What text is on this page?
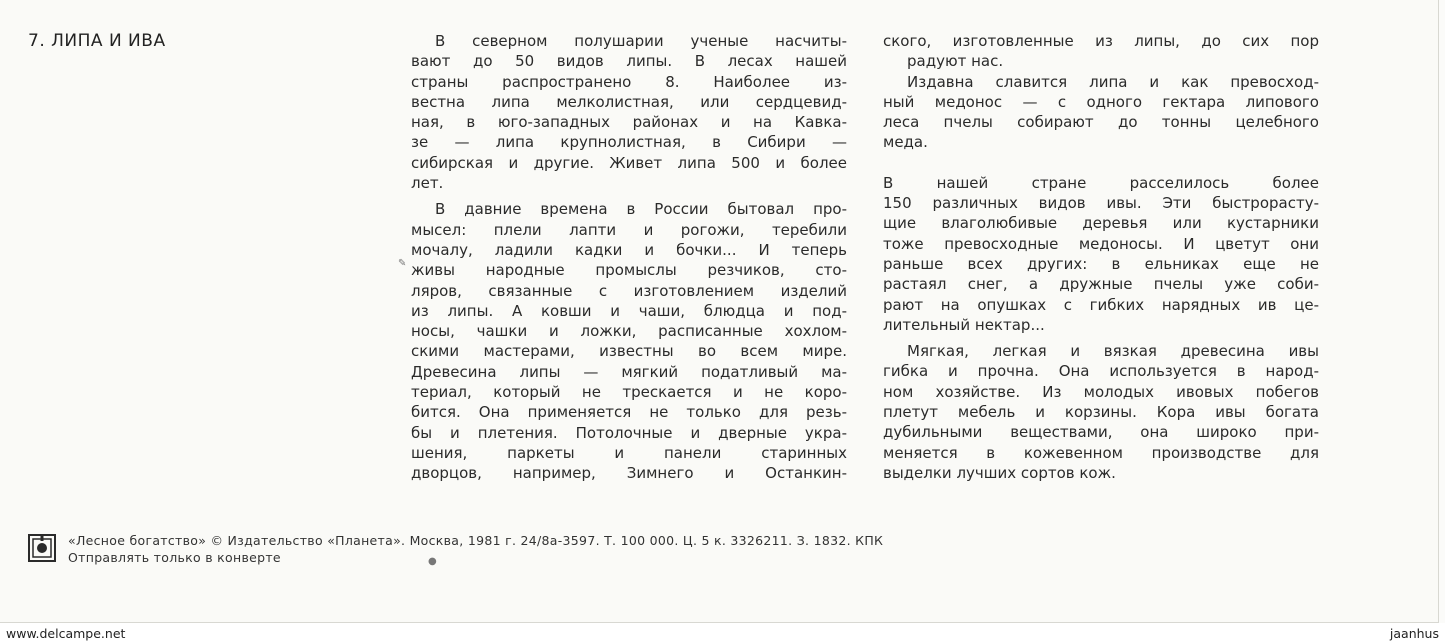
7. ЛИПА И ИВА	В северном полушарии ученые насчиты-
вают до 50 видов липы. В лесах нашей
страны распространено 8. Наиболее из-
вестна липа мелколистная, или сердцевид-
ная, в юго-западных районах и на Кавка-
зе — липа крупнолистная, в Сибири —
сибирская и другие. Живет липа 500 и более
лет.
В давние времена в России бытовал про-
мысел: плели лапти и рогожи, теребили
мочалу, ладили кадки и бочки... И теперь
живы народные промыслы резчиков, сто-
ляров, связанные с изготовлением изделий
из липы. А ковши и чаши, блюдца и под-
носы, чашки и ложки, расписанные хохлом-
скими мастерами, известны во всем мире.
Древесина липы — мягкий податливый ма-
териал, который не трескается и не коро-
бится. Она применяется не только для резь-
бы и плетения. Потолочные и дверные укра-
шения, паркеты и панели старинных
дворцов, например, Зимнего и Останкин-
ского, изготовленные из липы, до сих пор
радуют нас.
Издавна славится липа и как превосход-
ный медонос — с одного гектара липового
леса пчелы собирают до тонны целебного
меда.
В нашей стране расселилось более
150 различных видов ивы. Эти быстрорасту-
щие влаголюбивые деревья или кустарники
тоже превосходные медоносы. И цветут они
раньше всех других: в ельниках еще не
растаял снег, а дружные пчелы уже соби-
рают на опушках с гибких нарядных ив це-
лительный нектар...
Мягкая, легкая и вязкая древесина ивы
гибка и прочна. Она используется в народ-
ном хозяйстве. Из молодых ивовых побегов
плетут мебель и корзины. Кора ивы богата
дубильными веществами, она широко при-
меняется в кожевенном производстве для
выделки лучших сортов кож.
«Лесное богатство» © Издательство «Планета». Москва, 1981 г. 24/8а-3597. Т. 100 000. Ц. 5 к. 3326211. З. 1832. КПК
Отправлять только в конверте
✎
●
www.delcampe.net	jaanhus
